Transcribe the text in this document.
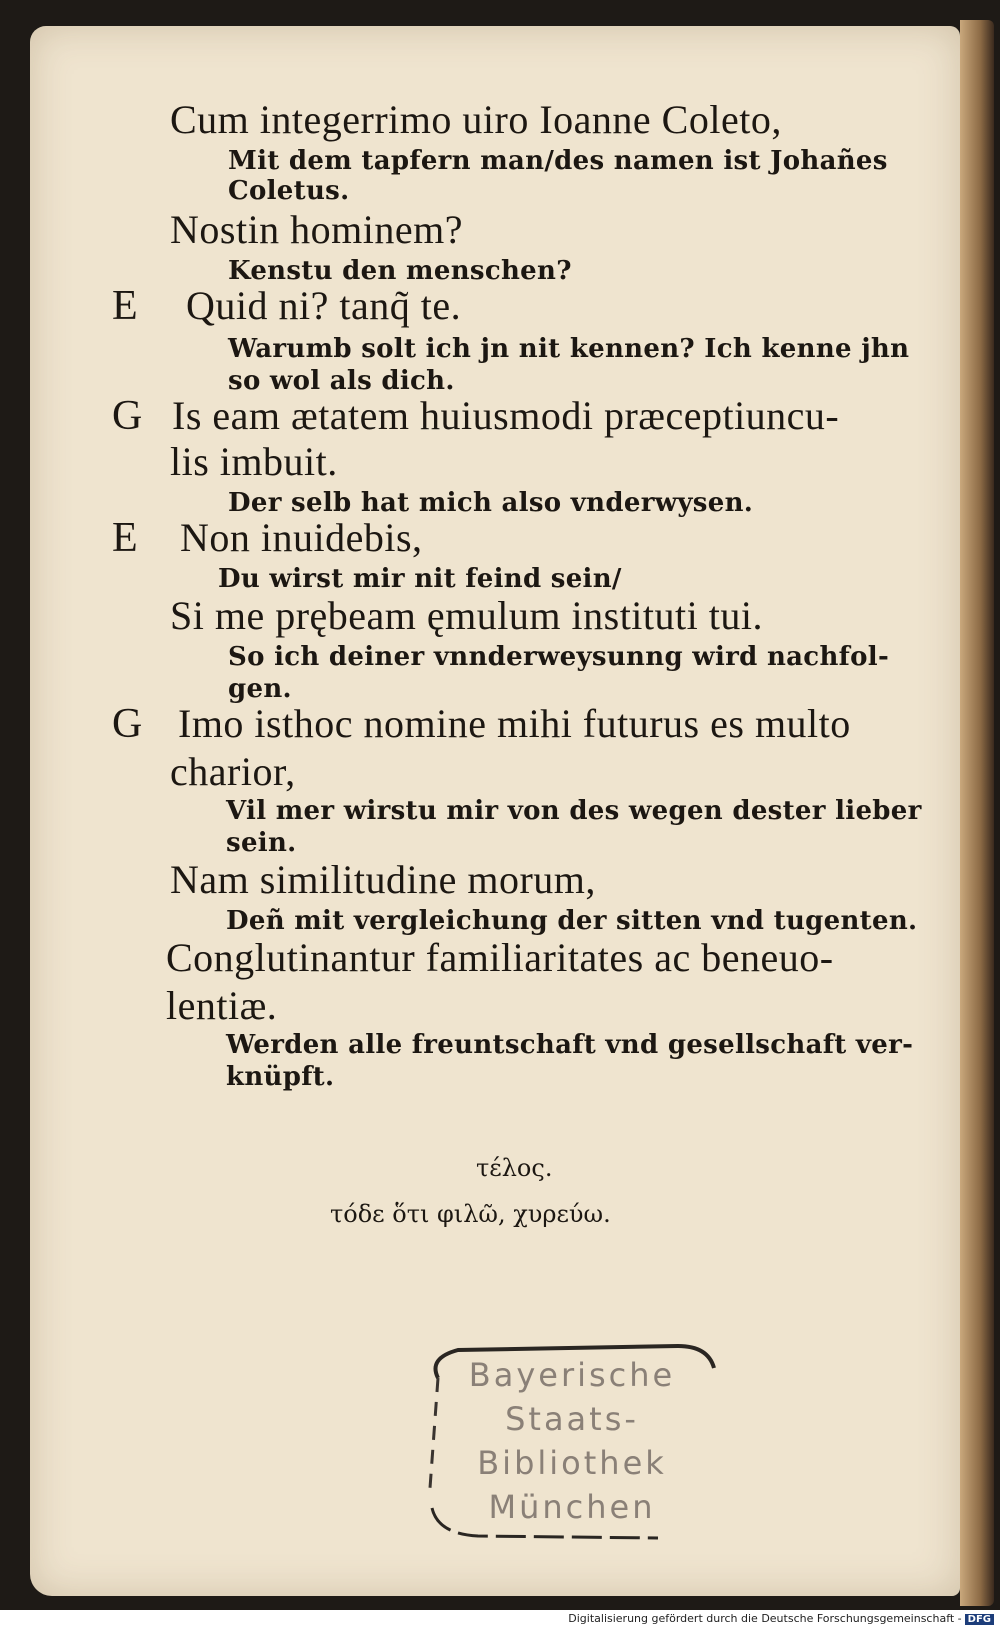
Cum integerrimo uiro Ioanne Coleto,
Mit dem tapfern man/des namen ist Johañes
Coletus.
Nostin hominem?
Kenstu den menschen?
E Quid ni? tanq̃ te.
Warumb solt ich jn nit kennen? Ich kenne jhn
so wol als dich.
G Is eam ætatem huiusmodi præceptiuncu-
lis imbuit.
Der selb hat mich also vnderwysen.
E Non inuidebis,
Du wirst mir nit feind sein/
Si me prębeam ęmulum instituti tui.
So ich deiner vnnderweysunng wird nachfol-
gen.
G Imo isthoc nomine mihi futurus es multo
charior,
Vil mer wirstu mir von des wegen dester lieber
sein.
Nam similitudine morum,
Deñ mit vergleichung der sitten vnd tugenten.
Conglutinantur familiaritates ac beneuo-
lentiæ.
Werden alle freuntschaft vnd gesellschaft ver-
knüpft.
τέλος.
τόδε ὅτι φιλῶ, χυρεύω.
Bayerische
Staats-
Bibliothek
München
Digitalisierung gefördert durch die Deutsche Forschungsgemeinschaft - DFG
